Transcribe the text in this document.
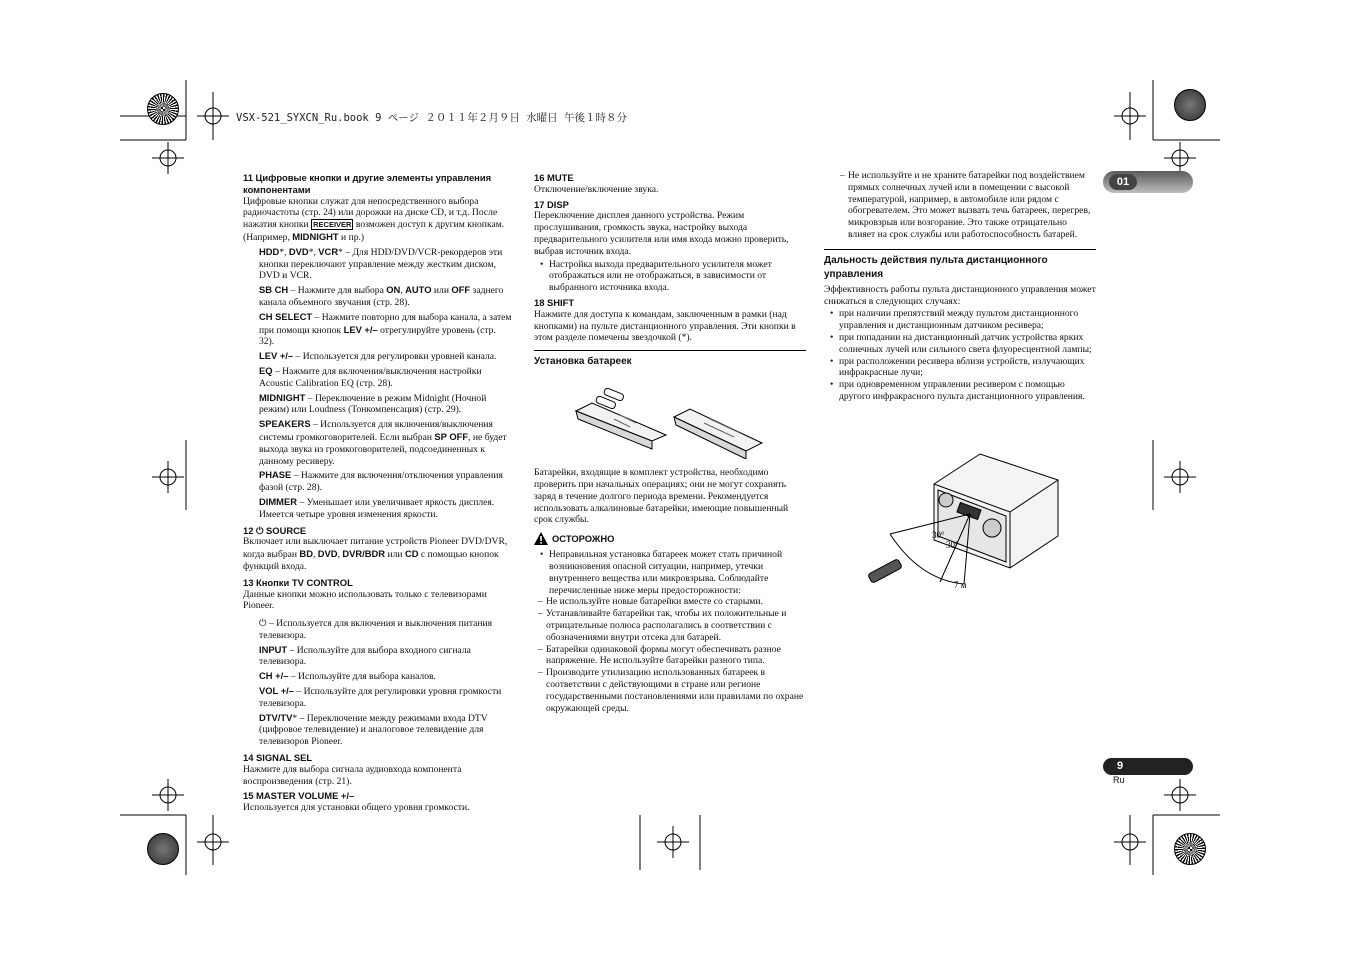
VSX-521_SYXCN_Ru.book 9 ページ ２０１１年２月９日 水曜日 午後１時８分
01
9
Ru
11 Цифровые кнопки и другие элементы управления компонентами

Цифровые кнопки служат для непосредственного выбора радиочастоты (стр. 24) или дорожки на диске CD, и т.д. После нажатия кнопки RECEIVER возможен доступ к другим кнопкам. (Например, MIDNIGHT и пр.)

HDD*, DVD*, VCR* – Для HDD/DVD/VCR-рекордеров эти кнопки переключают управление между жестким диском, DVD и VCR.

SB CH – Нажмите для выбора ON, AUTO или OFF заднего канала объемного звучания (стр. 28).

CH SELECT – Нажмите повторно для выбора канала, а затем при помощи кнопок LEV +/– отрегулируйте уровень (стр. 32).

LEV +/– – Используется для регулировки уровней канала.

EQ – Нажмите для включения/выключения настройки Acoustic Calibration EQ (стр. 28).

MIDNIGHT – Переключение в режим Midnight (Ночной режим) или Loudness (Тонкомпенсация) (стр. 29).

SPEAKERS – Используется для включения/выключения системы громкоговорителей. Если выбран SP OFF, не будет выхода звука из громкоговорителей, подсоединенных к данному ресиверу.

PHASE – Нажмите для включения/отключения управления фазой (стр. 28).

DIMMER – Уменьшает или увеличивает яркость дисплея. Имеется четыре уровня изменения яркости.

12 ⏻ SOURCE

Включает или выключает питание устройств Pioneer DVD/DVR, когда выбран BD, DVD, DVR/BDR или CD с помощью кнопок функций входа.

13 Кнопки TV CONTROL

Данные кнопки можно использовать только с телевизорами Pioneer.

⏻ – Используется для включения и выключения питания телевизора.

INPUT – Используйте для выбора входного сигнала телевизора.

CH +/– – Используйте для выбора каналов.

VOL +/– – Используйте для регулировки уровня громкости телевизора.

DTV/TV* – Переключение между режимами входа DTV (цифровое телевидение) и аналоговое телевидение для телевизоров Pioneer.

14 SIGNAL SEL

Нажмите для выбора сигнала аудиовхода компонента воспроизведения (стр. 21).

15 MASTER VOLUME +/–

Используется для установки общего уровня громкости.

16 MUTE

Отключение/включение звука.

17 DISP

Переключение дисплея данного устройства. Режим прослушивания, громкость звука, настройку выхода предварительного усилителя или имя входа можно проверить, выбрав источник входа.

• Настройка выхода предварительного усилителя может отображаться или не отображаться, в зависимости от выбранного источника входа.
18 SHIFT

Нажмите для доступа к командам, заключенным в рамки (над кнопками) на пульте дистанционного управления. Эти кнопки в этом разделе помечены звездочкой (*).

Установка батареек

Батарейки, входящие в комплект устройства, необходимо проверить при начальных операциях; они не могут сохранять заряд в течение долгого периода времени. Рекомендуется использовать алкалиновые батарейки, имеющие повышенный срок службы.

ОСТОРОЖНО
• Неправильная установка батареек может стать причиной возникновения опасной ситуации, например, утечки внутреннего вещества или микровзрыва. Соблюдайте перечисленные ниже меры предосторожности:
– Не используйте новые батарейки вместе со старыми.
– Устанавливайте батарейки так, чтобы их положительные и отрицательные полюса располагались в соответствии с обозначениями внутри отсека для батарей.
– Батарейки одинаковой формы могут обеспечивать разное напряжение. Не используйте батарейки разного типа.
– Производите утилизацию использованных батареек в соответствии с действующими в стране или регионе государственными постановлениями или правилами по охране окружающей среды.
– Не используйте и не храните батарейки под воздействием прямых солнечных лучей или в помещении с высокой температурой, например, в автомобиле или рядом с обогревателем. Это может вызвать течь батареек, перегрев, микровзрыв или возгорание. Это также отрицательно влияет на срок службы или работоспособность батарей.
Дальность действия пульта дистанционного управления

Эффективность работы пульта дистанционного управления может снижаться в следующих случаях:

• при наличии препятствий между пультом дистанционного управления и дистанционным датчиком ресивера;
• при попадании на дистанционный датчик устройства ярких солнечных лучей или сильного света флуоресцентной лампы;
• при расположении ресивера вблизи устройств, излучающих инфракрасные лучи;
• при одновременном управлении ресивером с помощью другого инфракрасного пульта дистанционного управления.
30°
30°
7 м
